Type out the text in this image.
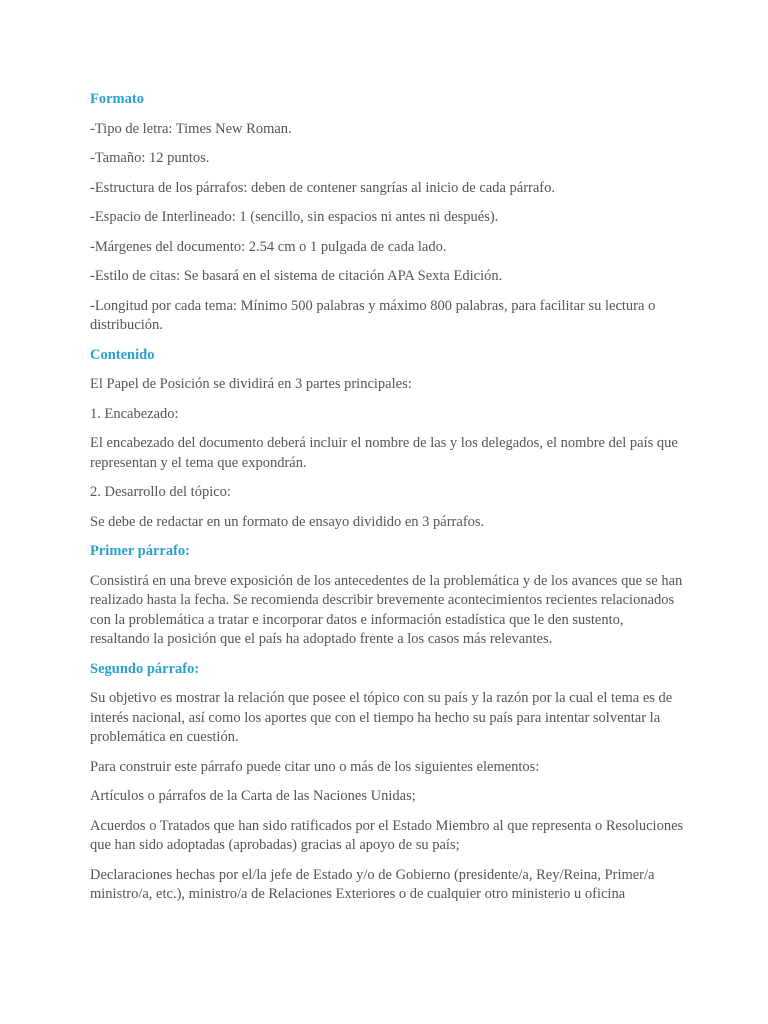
Formato
-Tipo de letra: Times New Roman.
-Tamaño: 12 puntos.
-Estructura de los párrafos: deben de contener sangrías al inicio de cada párrafo.
-Espacio de Interlineado: 1 (sencillo, sin espacios ni antes ni después).
-Márgenes del documento: 2.54 cm o 1 pulgada de cada lado.
-Estilo de citas: Se basará en el sistema de citación APA Sexta Edición.
-Longitud por cada tema: Mínimo 500 palabras y máximo 800 palabras, para facilitar su lectura o distribución.
Contenido
El Papel de Posición se dividirá en 3 partes principales:
1. Encabezado:
El encabezado del documento deberá incluir el nombre de las y los delegados, el nombre del país que representan y el tema que expondrán.
2. Desarrollo del tópico:
Se debe de redactar en un formato de ensayo dividido en 3 párrafos.
Primer párrafo:
Consistirá en una breve exposición de los antecedentes de la problemática y de los avances que se han realizado hasta la fecha. Se recomienda describir brevemente acontecimientos recientes relacionados con la problemática a tratar e incorporar datos e información estadística que le den sustento, resaltando la posición que el país ha adoptado frente a los casos más relevantes.
Segundo párrafo:
Su objetivo es mostrar la relación que posee el tópico con su país y la razón por la cual el tema es de interés nacional, así como los aportes que con el tiempo ha hecho su país para intentar solventar la problemática en cuestión.
Para construir este párrafo puede citar uno o más de los siguientes elementos:
Artículos o párrafos de la Carta de las Naciones Unidas;
Acuerdos o Tratados que han sido ratificados por el Estado Miembro al que representa o Resoluciones que han sido adoptadas (aprobadas) gracias al apoyo de su país;
Declaraciones hechas por el/la jefe de Estado y/o de Gobierno (presidente/a, Rey/Reina, Primer/a ministro/a, etc.), ministro/a de Relaciones Exteriores o de cualquier otro ministerio u oficina
